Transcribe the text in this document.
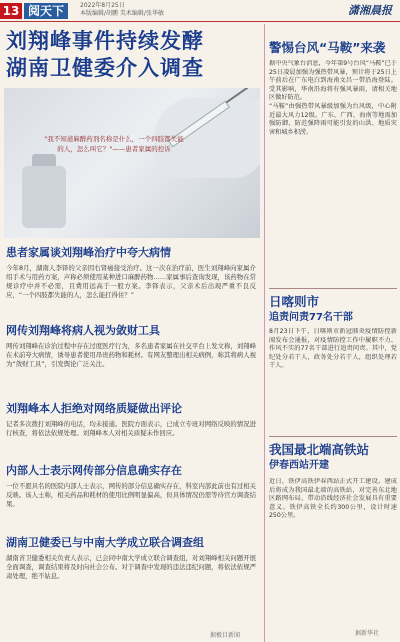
13 阅天下	2022年8月25日
本版编辑/胡鹏 美术编辑/张华敏	潇湘晨报
刘翔峰事件持续发酵
湖南卫健委介入调查
"我不知道麻醉药剂名称是什么，一个四肢都失能的人，怎么叫它？"——患者家属的控诉
患者家属谈刘翔峰治疗中夸大病情
今年8月，湖南人李铎的父亲因右肾癌接受治疗。这一次在治疗前，医生刘翔峰向家属介绍手术与用药方案，声称必须使用某种进口麻醉药物……家属事后查询发现，该药物在常规诊疗中并不必需，且费用远高于一般方案。李铎表示，父亲术后出现严重不良反应，“一个四肢都失能的人，怎么能扛得住？”
网传刘翔峰将病人视为敛财工具
网传刘翔峰在诊治过程中存在过度医疗行为，多名患者家属在社交平台上发文称，刘翔峰在术前夸大病情，诱导患者使用昂贵药物和耗材。有网友整理出相关病例，称其将病人视为“敛财工具”，引发舆论广泛关注。
刘翔峰本人拒绝对网络质疑做出评论
记者多次拨打刘翔峰的电话，均未接通。医院方面表示，已成立专班对网络反映的情况进行核查，将依法依规处理。刘翔峰本人对相关质疑未作回应。
内部人士表示网传部分信息确实存在
一位不愿具名的医院内部人士表示，网传的部分信息确实存在，科室内部此前也有过相关反映。该人士称，相关药品和耗材的使用比例明显偏高，但具体情况仍需等待官方调查结果。
湖南卫健委已与中南大学成立联合调查组
湖南省卫健委相关负责人表示，已会同中南大学成立联合调查组，对刘翔峰相关问题开展全面调查，调查结果将及时向社会公布。对于调查中发现的违法违纪问题，将依法依规严肃处理，绝不姑息。
据极目新闻
警惕台风“马鞍”来袭
据中央气象台消息，今年第9号台风“马鞍”已于25日凌晨加强为强热带风暴，预计将于25日上午前后在广东电白到海南文昌一带沿海登陆。受其影响，华南沿海将有强风暴雨，请相关地区做好防范。
“马鞍”由强热带风暴级加强为台风级，中心附近最大风力12级。广东、广西、海南等地需加强防御，防范强降雨可能引发的山洪、地质灾害和城乡积涝。
日喀则市
追责问责77名干部
8月23日下午，日喀则市新冠肺炎疫情防控新闻发布会通报，对疫情防控工作中履职不力、作风不实的77名干部进行追责问责。其中，党纪处分若干人，政务处分若干人，组织处理若干人。
我国最北端高铁站
伊春西站开建
近日，铁伊高铁伊春西站正式开工建设。建成后将成为我国最北端的高铁站，对完善东北地区路网布局、带动沿线经济社会发展具有重要意义。铁伊高铁全长约300公里，设计时速250公里。
据新华社
